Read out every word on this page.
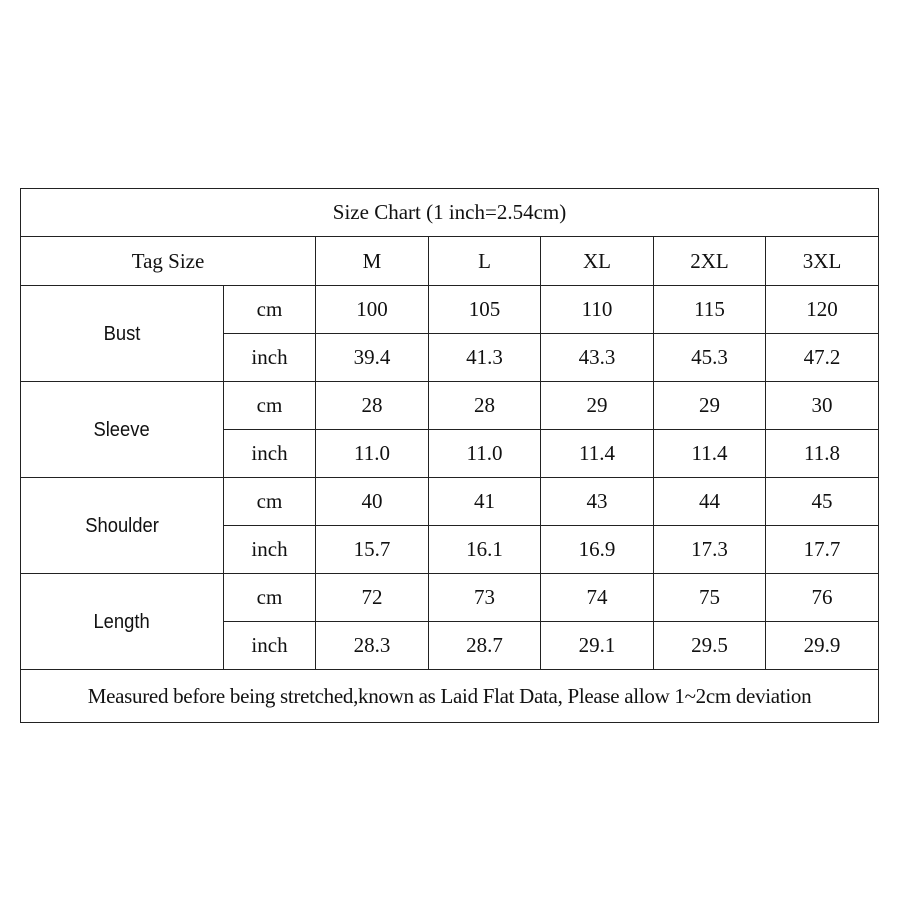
Size Chart (1 inch=2.54cm)						
Tag Size		M	L	XL	2XL	3XL
Bust	cm	100	105	110	115	120
	inch	39.4	41.3	43.3	45.3	47.2
Sleeve	cm	28	28	29	29	30
	inch	11.0	11.0	11.4	11.4	11.8
Shoulder	cm	40	41	43	44	45
	inch	15.7	16.1	16.9	17.3	17.7
Length	cm	72	73	74	75	76
	inch	28.3	28.7	29.1	29.5	29.9
Measured before being stretched,known as Laid Flat Data, Please allow 1~2cm deviation						
